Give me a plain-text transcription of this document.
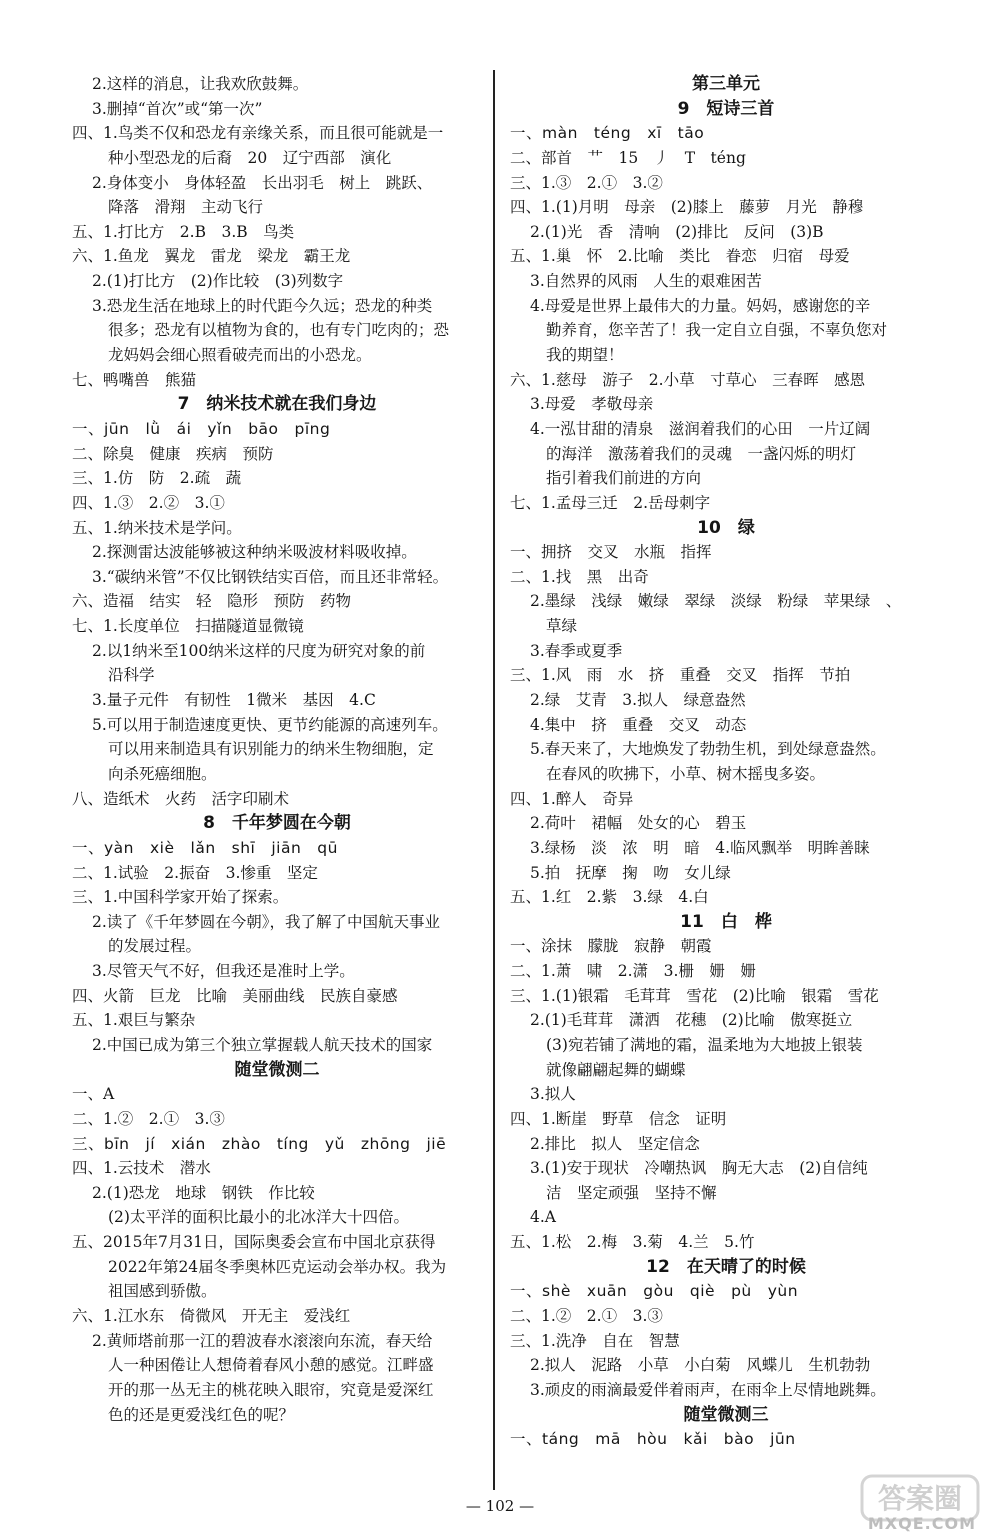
2.这样的消息，让我欢欣鼓舞。
3.删掉“首次”或“第一次”
四、1.鸟类不仅和恐龙有亲缘关系，而且很可能就是一
种小型恐龙的后裔　20　辽宁西部　演化
2.身体变小　身体轻盈　长出羽毛　树上　跳跃、
降落　滑翔　主动飞行
五、1.打比方　2.B　3.B　鸟类
六、1.鱼龙　翼龙　雷龙　梁龙　霸王龙
2.(1)打比方　(2)作比较　(3)列数字
3.恐龙生活在地球上的时代距今久远；恐龙的种类
很多；恐龙有以植物为食的，也有专门吃肉的；恐
龙妈妈会细心照看破壳而出的小恐龙。
七、鸭嘴兽　熊猫
7　纳米技术就在我们身边
一、jūn　lǜ　ái　yǐn　bāo　pīng
二、除臭　健康　疾病　预防
三、1.仿　防　2.疏　蔬
四、1.③　2.②　3.①
五、1.纳米技术是学问。
2.探测雷达波能够被这种纳米吸波材料吸收掉。
3.“碳纳米管”不仅比钢铁结实百倍，而且还非常轻。
六、造福　结实　轻　隐形　预防　药物
七、1.长度单位　扫描隧道显微镜
2.以1纳米至100纳米这样的尺度为研究对象的前
沿科学
3.量子元件　有韧性　1微米　基因　4.C
5.可以用于制造速度更快、更节约能源的高速列车。
可以用来制造具有识别能力的纳米生物细胞，定
向杀死癌细胞。
八、造纸术　火药　活字印刷术
8　千年梦圆在今朝
一、yàn　xiè　lǎn　shī　jiān　qū
二、1.试验　2.振奋　3.惨重　坚定
三、1.中国科学家开始了探索。
2.读了《千年梦圆在今朝》，我了解了中国航天事业
的发展过程。
3.尽管天气不好，但我还是准时上学。
四、火箭　巨龙　比喻　美丽曲线　民族自豪感
五、1.艰巨与繁杂
2.中国已成为第三个独立掌握载人航天技术的国家
随堂微测二
一、A
二、1.②　2.①　3.③
三、bīn　jí　xián　zhào　tíng　yǔ　zhōng　jiē
四、1.云技术　潜水
2.(1)恐龙　地球　钢铁　作比较
(2)太平洋的面积比最小的北冰洋大十四倍。
五、2015年7月31日，国际奥委会宣布中国北京获得
2022年第24届冬季奥林匹克运动会举办权。我为
祖国感到骄傲。
六、1.江水东　倚微风　开无主　爱浅红
2.黄师塔前那一江的碧波春水滚滚向东流，春天给
人一种困倦让人想倚着春风小憩的感觉。江畔盛
开的那一丛无主的桃花映入眼帘，究竟是爱深红
色的还是更爱浅红色的呢？
第三单元
9　短诗三首
一、màn　téng　xī　tāo
二、部首　艹　15　丿　T　téng
三、1.③　2.①　3.②
四、1.(1)月明　母亲　(2)膝上　藤萝　月光　静穆
2.(1)光　香　清响　(2)排比　反问　(3)B
五、1.巢　怀　2.比喻　类比　眷恋　归宿　母爱
3.自然界的风雨　人生的艰难困苦
4.母爱是世界上最伟大的力量。妈妈，感谢您的辛
勤养育，您辛苦了！我一定自立自强，不辜负您对
我的期望！
六、1.慈母　游子　2.小草　寸草心　三春晖　感恩
3.母爱　孝敬母亲
4.一泓甘甜的清泉　滋润着我们的心田　一片辽阔
的海洋　激荡着我们的灵魂　一盏闪烁的明灯
指引着我们前进的方向
七、1.孟母三迁　2.岳母刺字
10　绿
一、拥挤　交叉　水瓶　指挥
二、1.找　黑　出奇
2.墨绿　浅绿　嫩绿　翠绿　淡绿　粉绿　苹果绿　、
草绿
3.春季或夏季
三、1.风　雨　水　挤　重叠　交叉　指挥　节拍
2.绿　艾青　3.拟人　绿意盎然
4.集中　挤　重叠　交叉　动态
5.春天来了，大地焕发了勃勃生机，到处绿意盎然。
在春风的吹拂下，小草、树木摇曳多姿。
四、1.醉人　奇异
2.荷叶　裙幅　处女的心　碧玉
3.绿杨　淡　浓　明　暗　4.临风飘举　明眸善睐
5.拍　抚摩　掬　吻　女儿绿
五、1.红　2.紫　3.绿　4.白
11　白　桦
一、涂抹　朦胧　寂静　朝霞
二、1.萧　啸　2.潇　3.栅　姗　姗
三、1.(1)银霜　毛茸茸　雪花　(2)比喻　银霜　雪花
2.(1)毛茸茸　潇洒　花穗　(2)比喻　傲寒挺立
(3)宛若铺了满地的霜，温柔地为大地披上银装
就像翩翩起舞的蝴蝶
3.拟人
四、1.断崖　野草　信念　证明
2.排比　拟人　坚定信念
3.(1)安于现状　冷嘲热讽　胸无大志　(2)自信纯
洁　坚定顽强　坚持不懈
4.A
五、1.松　2.梅　3.菊　4.兰　5.竹
12　在天晴了的时候
一、shè　xuān　gòu　qiè　pù　yùn
二、1.②　2.①　3.③
三、1.洗净　自在　智慧
2.拟人　泥路　小草　小白菊　风蝶儿　生机勃勃
3.顽皮的雨滴最爱伴着雨声，在雨伞上尽情地跳舞。
随堂微测三
一、táng　mā　hòu　kǎi　bào　jūn
— 102 —	答案圈
MXQE.COM
